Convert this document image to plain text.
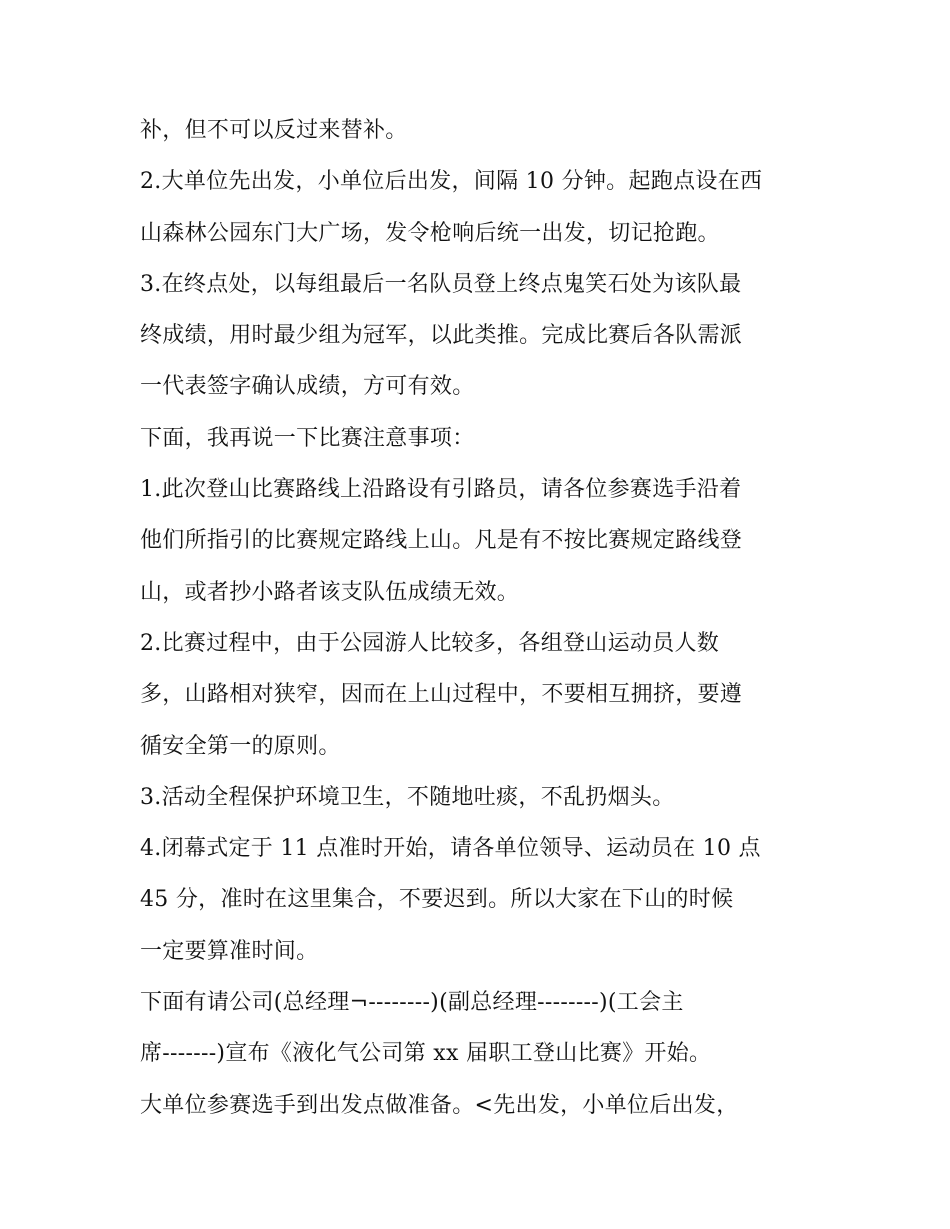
补，但不可以反过来替补。

2.大单位先出发，小单位后出发，间隔 10 分钟。起跑点设在西

山森林公园东门大广场，发令枪响后统一出发，切记抢跑。

3.在终点处，以每组最后一名队员登上终点鬼笑石处为该队最

终成绩，用时最少组为冠军，以此类推。完成比赛后各队需派

一代表签字确认成绩，方可有效。

下面，我再说一下比赛注意事项：

1.此次登山比赛路线上沿路设有引路员，请各位参赛选手沿着

他们所指引的比赛规定路线上山。凡是有不按比赛规定路线登

山，或者抄小路者该支队伍成绩无效。

2.比赛过程中，由于公园游人比较多，各组登山运动员人数

多，山路相对狭窄，因而在上山过程中，不要相互拥挤，要遵

循安全第一的原则。

3.活动全程保护环境卫生，不随地吐痰，不乱扔烟头。

4.闭幕式定于 11 点准时开始，请各单位领导、运动员在 10 点

45 分，准时在这里集合，不要迟到。所以大家在下山的时候

一定要算准时间。

下面有请公司(总经理¬--------)(副总经理--------)(工会主

席-------)宣布《液化气公司第 xx 届职工登山比赛》开始。

大单位参赛选手到出发点做准备。<先出发，小单位后出发，
